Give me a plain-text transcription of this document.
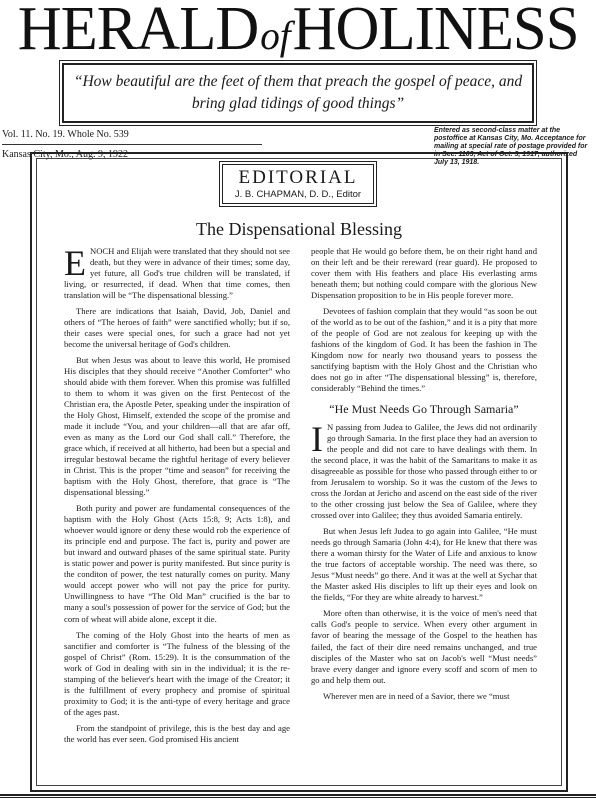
HERALDofHOLINESS
“How beautiful are the feet of them that preach the gospel of peace, and
bring glad tidings of good things”
Vol. 11. No. 19. Whole No. 539
Kansas City, Mo., Aug. 9, 1922
Entered as second-class matter at the postoffice at Kansas City, Mo. Acceptance for mailing at special rate of postage provided for in Sec. 1103, Act of Oct. 3, 1917, authorized July 13, 1918.
EDITORIAL
J. B. CHAPMAN, D. D., Editor
The Dispensational Blessing

ENOCH and Elijah were translated that they should not see death, but they were in advance of their times; some day, yet future, all God's true children will be translated, if living, or resurrected, if dead. When that time comes, then translation will be “The dispensational blessing.”

There are indications that Isaiah, David, Job, Daniel and others of “The heroes of faith” were sanctified wholly; but if so, their cases were special ones, for such a grace had not yet become the universal heritage of God's children.

But when Jesus was about to leave this world, He promised His disciples that they should receive “Another Comforter” who should abide with them forever. When this promise was fulfilled to them to whom it was given on the first Pentecost of the Christian era, the Apostle Peter, speaking under the inspiration of the Holy Ghost, Himself, extended the scope of the promise and made it include “You, and your children—all that are afar off, even as many as the Lord our God shall call.” Therefore, the grace which, if received at all hitherto, had been but a special and irregular bestowal became the rightful heritage of every believer in Christ. This is the proper “time and season” for receiving the baptism with the Holy Ghost, therefore, that grace is “The dispensational blessing.”

Both purity and power are fundamental consequences of the baptism with the Holy Ghost (Acts 15:8, 9; Acts 1:8), and whoever would ignore or deny these would rob the experience of its principle end and purpose. The fact is, purity and power are but inward and outward phases of the same spiritual state. Purity is static power and power is purity manifested. But since purity is the conditon of power, the test naturally comes on purity. Many would accept power who will not pay the price for purity. Unwillingness to have “The Old Man” crucified is the bar to many a soul's possession of power for the service of God; but the corn of wheat will abide alone, except it die.

The coming of the Holy Ghost into the hearts of men as sanctifier and comforter is “The fulness of the blessing of the gospel of Christ” (Rom. 15:29). It is the consummation of the work of God in dealing with sin in the individual; it is the re-stamping of the believer's heart with the image of the Creator; it is the fulfillment of every prophecy and promise of spiritual proximity to God; it is the anti-type of every heritage and grace of the ages past.

From the standpoint of privilege, this is the best day and age the world has ever seen. God promised His ancient

people that He would go before them, be on their right hand and on their left and be their rereward (rear guard). He proposed to cover them with His feathers and place His everlasting arms beneath them; but nothing could compare with the glorious New Dispensation proposition to be in His people forever more.

Devotees of fashion complain that they would “as soon be out of the world as to be out of the fashion,” and it is a pity that more of the people of God are not zealous for keeping up with the fashions of the kingdom of God. It has been the fashion in The Kingdom now for nearly two thousand years to possess the sanctifying baptism with the Holy Ghost and the Christian who does not go in after “The dispensational blessing” is, therefore, considerably “Behind the times.”

“He Must Needs Go Through Samaria”

I N passing from Judea to Galilee, the Jews did not ordinarily go through Samaria. In the first place they had an aversion to the people and did not care to have dealings with them. In the second place, it was the habit of the Samaritans to make it as disagreeable as possible for those who passed through either to or from Jerusalem to worship. So it was the custom of the Jews to cross the Jordan at Jericho and ascend on the east side of the river to the other crossing just below the Sea of Galilee, where they crossed over into Galilee; they thus avoided Samaria entirely.

But when Jesus left Judea to go again into Galilee, “He must needs go through Samaria (John 4:4), for He knew that there was there a woman thirsty for the Water of Life and anxious to know the true factors of acceptable worship. The need was there, so Jesus “Must needs” go there. And it was at the well at Sychar that the Master asked His disciples to lift up their eyes and look on the fields, “For they are white already to harvest.”

More often than otherwise, it is the voice of men's need that calls God's people to service. When every other argument in favor of bearing the message of the Gospel to the heathen has failed, the fact of their dire need remains unchanged, and true disciples of the Master who sat on Jacob's well “Must needs” brave every danger and ignore every scoff and scorn of men to go and help them out.

Wherever men are in need of a Savior, there we “must
